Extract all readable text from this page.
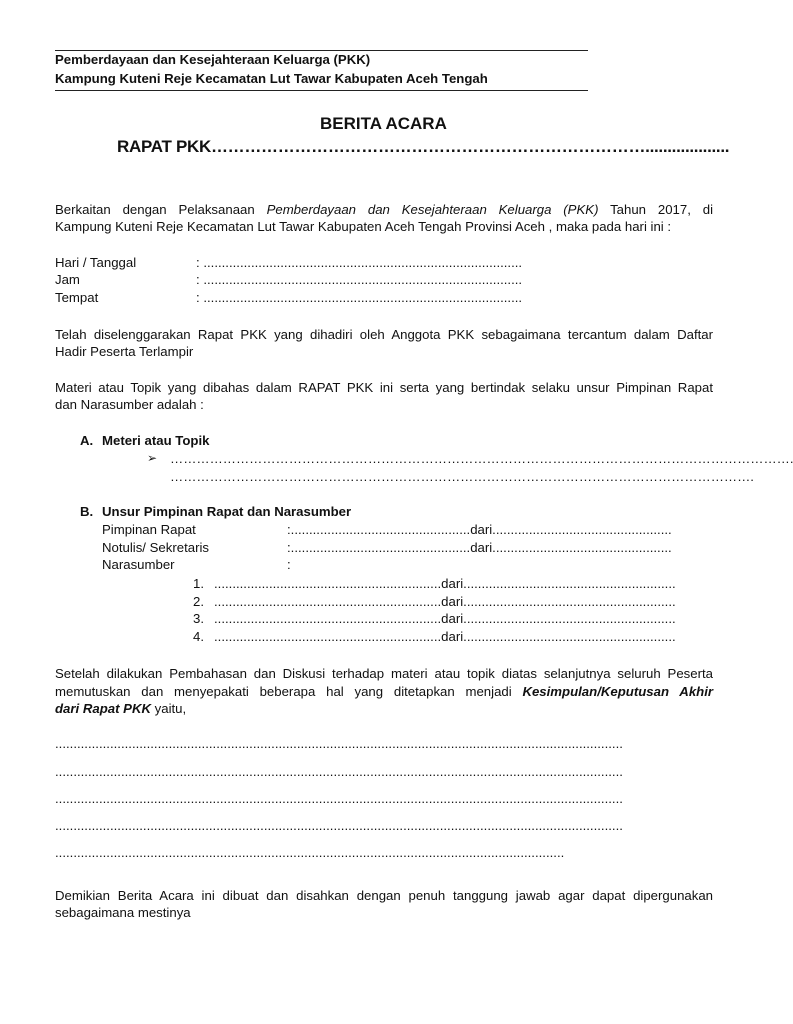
Pemberdayaan dan Kesejahteraan Keluarga (PKK)
Kampung Kuteni Reje Kecamatan Lut Tawar Kabupaten Aceh Tengah
BERITA ACARA
RAPAT PKK……………………………………………………………………...................
Berkaitan dengan Pelaksanaan Pemberdayaan dan Kesejahteraan Keluarga (PKK) Tahun 2017, di
Kampung Kuteni Reje Kecamatan Lut Tawar Kabupaten Aceh Tengah Provinsi Aceh , maka pada hari ini :
Hari / Tanggal	: .......................................................................................
Jam	: .......................................................................................
Tempat	: .......................................................................................
Telah diselenggarakan Rapat PKK yang dihadiri oleh Anggota PKK sebagaimana tercantum dalam Daftar
Hadir Peserta Terlampir
Materi atau Topik yang dibahas dalam RAPAT PKK ini serta yang bertindak selaku unsur Pimpinan Rapat
dan Narasumber adalah :
A. Meteri atau Topik
➢ …………………………………………………………………………………………………………………………….
…………………………………………………………………………………………………………………….
B. Unsur Pimpinan Rapat dan Narasumber
Pimpinan Rapat	:.................................................dari.................................................
Notulis/ Sekretaris	:.................................................dari.................................................
Narasumber	:
1. ..............................................................dari..........................................................
2. ..............................................................dari..........................................................
3. ..............................................................dari..........................................................
4. ..............................................................dari..........................................................
Setelah dilakukan Pembahasan dan Diskusi terhadap materi atau topik diatas selanjutnya seluruh Peserta
memutuskan dan menyepakati beberapa hal yang ditetapkan menjadi Kesimpulan/Keputusan Akhir
dari Rapat PKK yaitu,
...........................................................................................................................................................
...........................................................................................................................................................
...........................................................................................................................................................
...........................................................................................................................................................
...........................................................................................................................................
Demikian Berita Acara ini dibuat dan disahkan dengan penuh tanggung jawab agar dapat dipergunakan
sebagaimana mestinya
